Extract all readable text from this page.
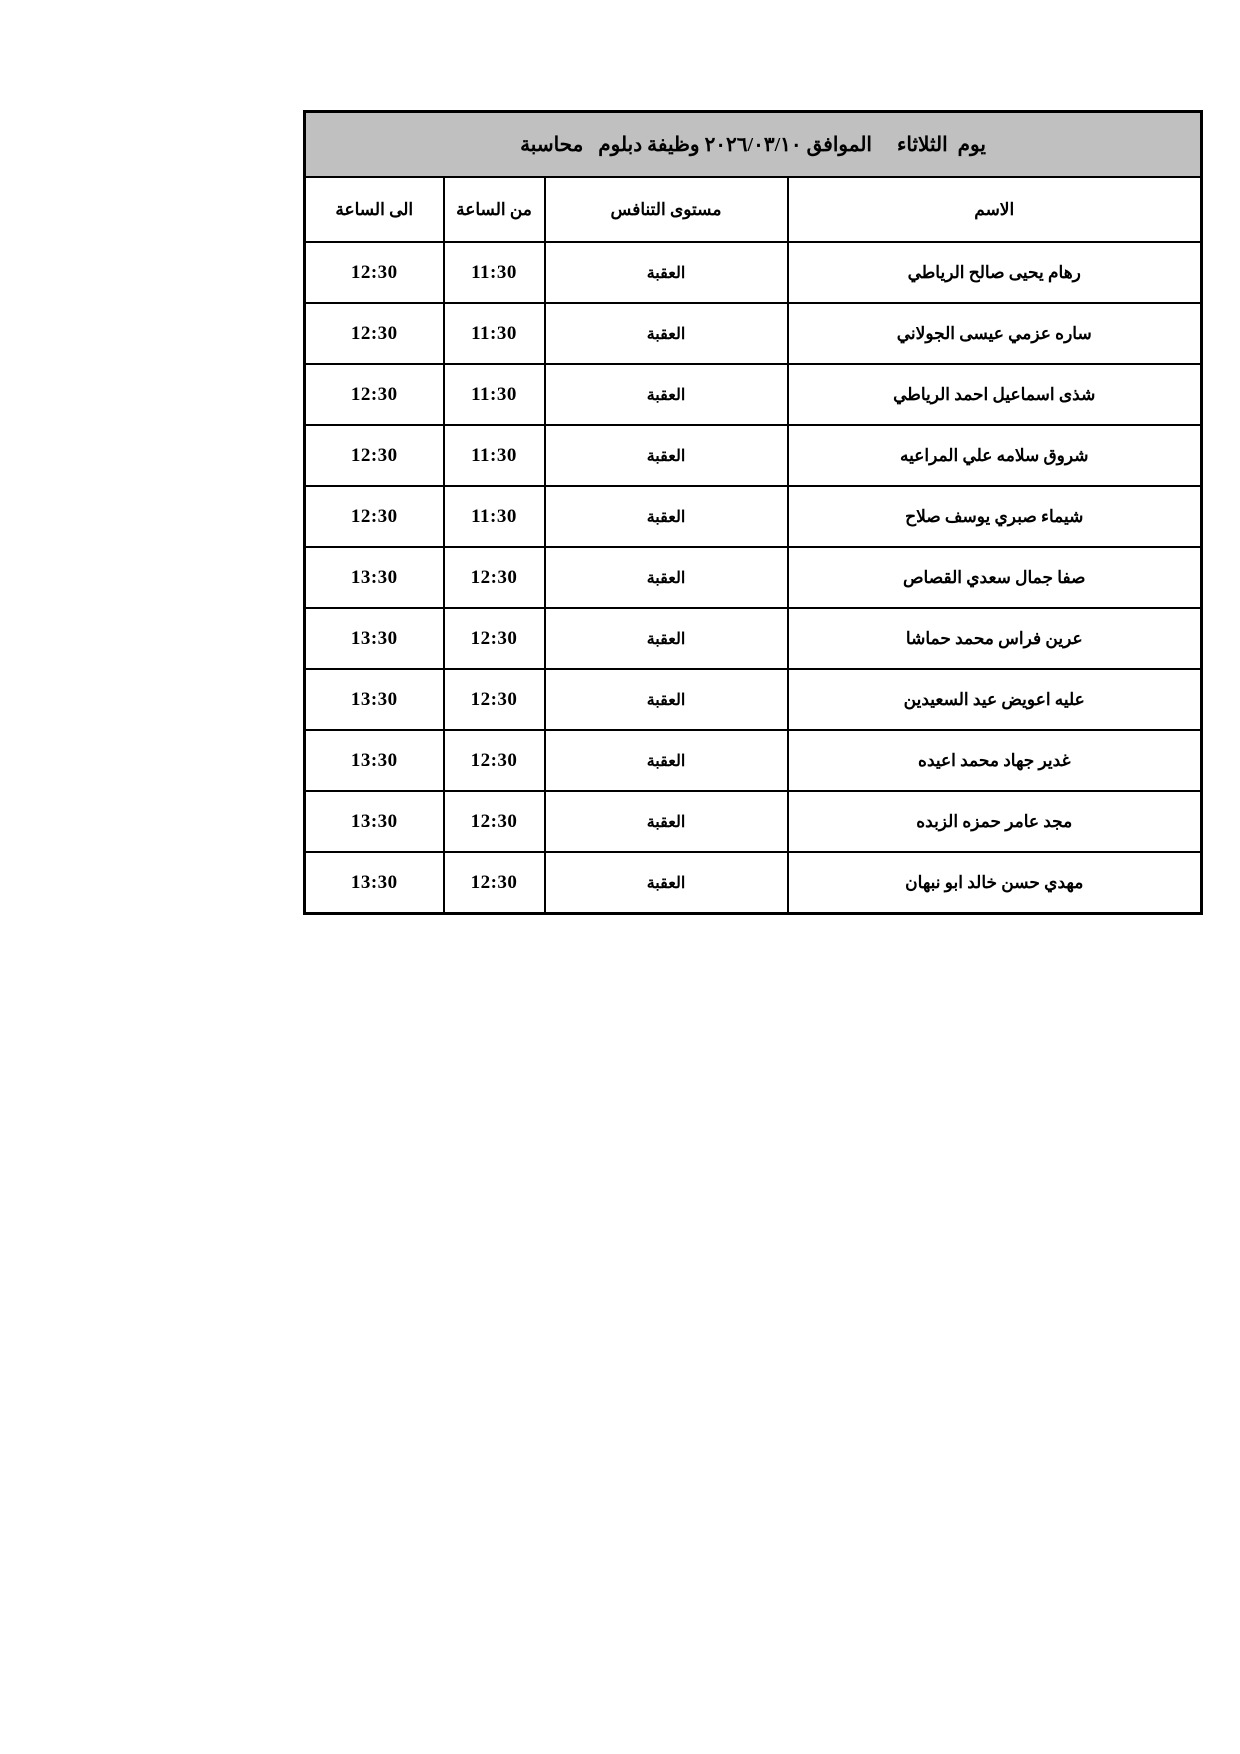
يوم  الثلاثاء     الموافق ٢٠٢٦/٠٣/١٠ وظيفة دبلوم   محاسبة			
الاسم	مستوى التنافس	من الساعة	الى الساعة
رهام يحيى صالح الرياطي	العقبة	11:30	12:30
ساره عزمي عيسى الجولاني	العقبة	11:30	12:30
شذى اسماعيل احمد الرياطي	العقبة	11:30	12:30
شروق سلامه علي المراعيه	العقبة	11:30	12:30
شيماء صبري يوسف صلاح	العقبة	11:30	12:30
صفا جمال سعدي القصاص	العقبة	12:30	13:30
عرين فراس محمد حماشا	العقبة	12:30	13:30
عليه اعويض عيد السعيدين	العقبة	12:30	13:30
غدير جهاد محمد اعيده	العقبة	12:30	13:30
مجد عامر حمزه الزبده	العقبة	12:30	13:30
مهدي حسن خالد ابو نبهان	العقبة	12:30	13:30
